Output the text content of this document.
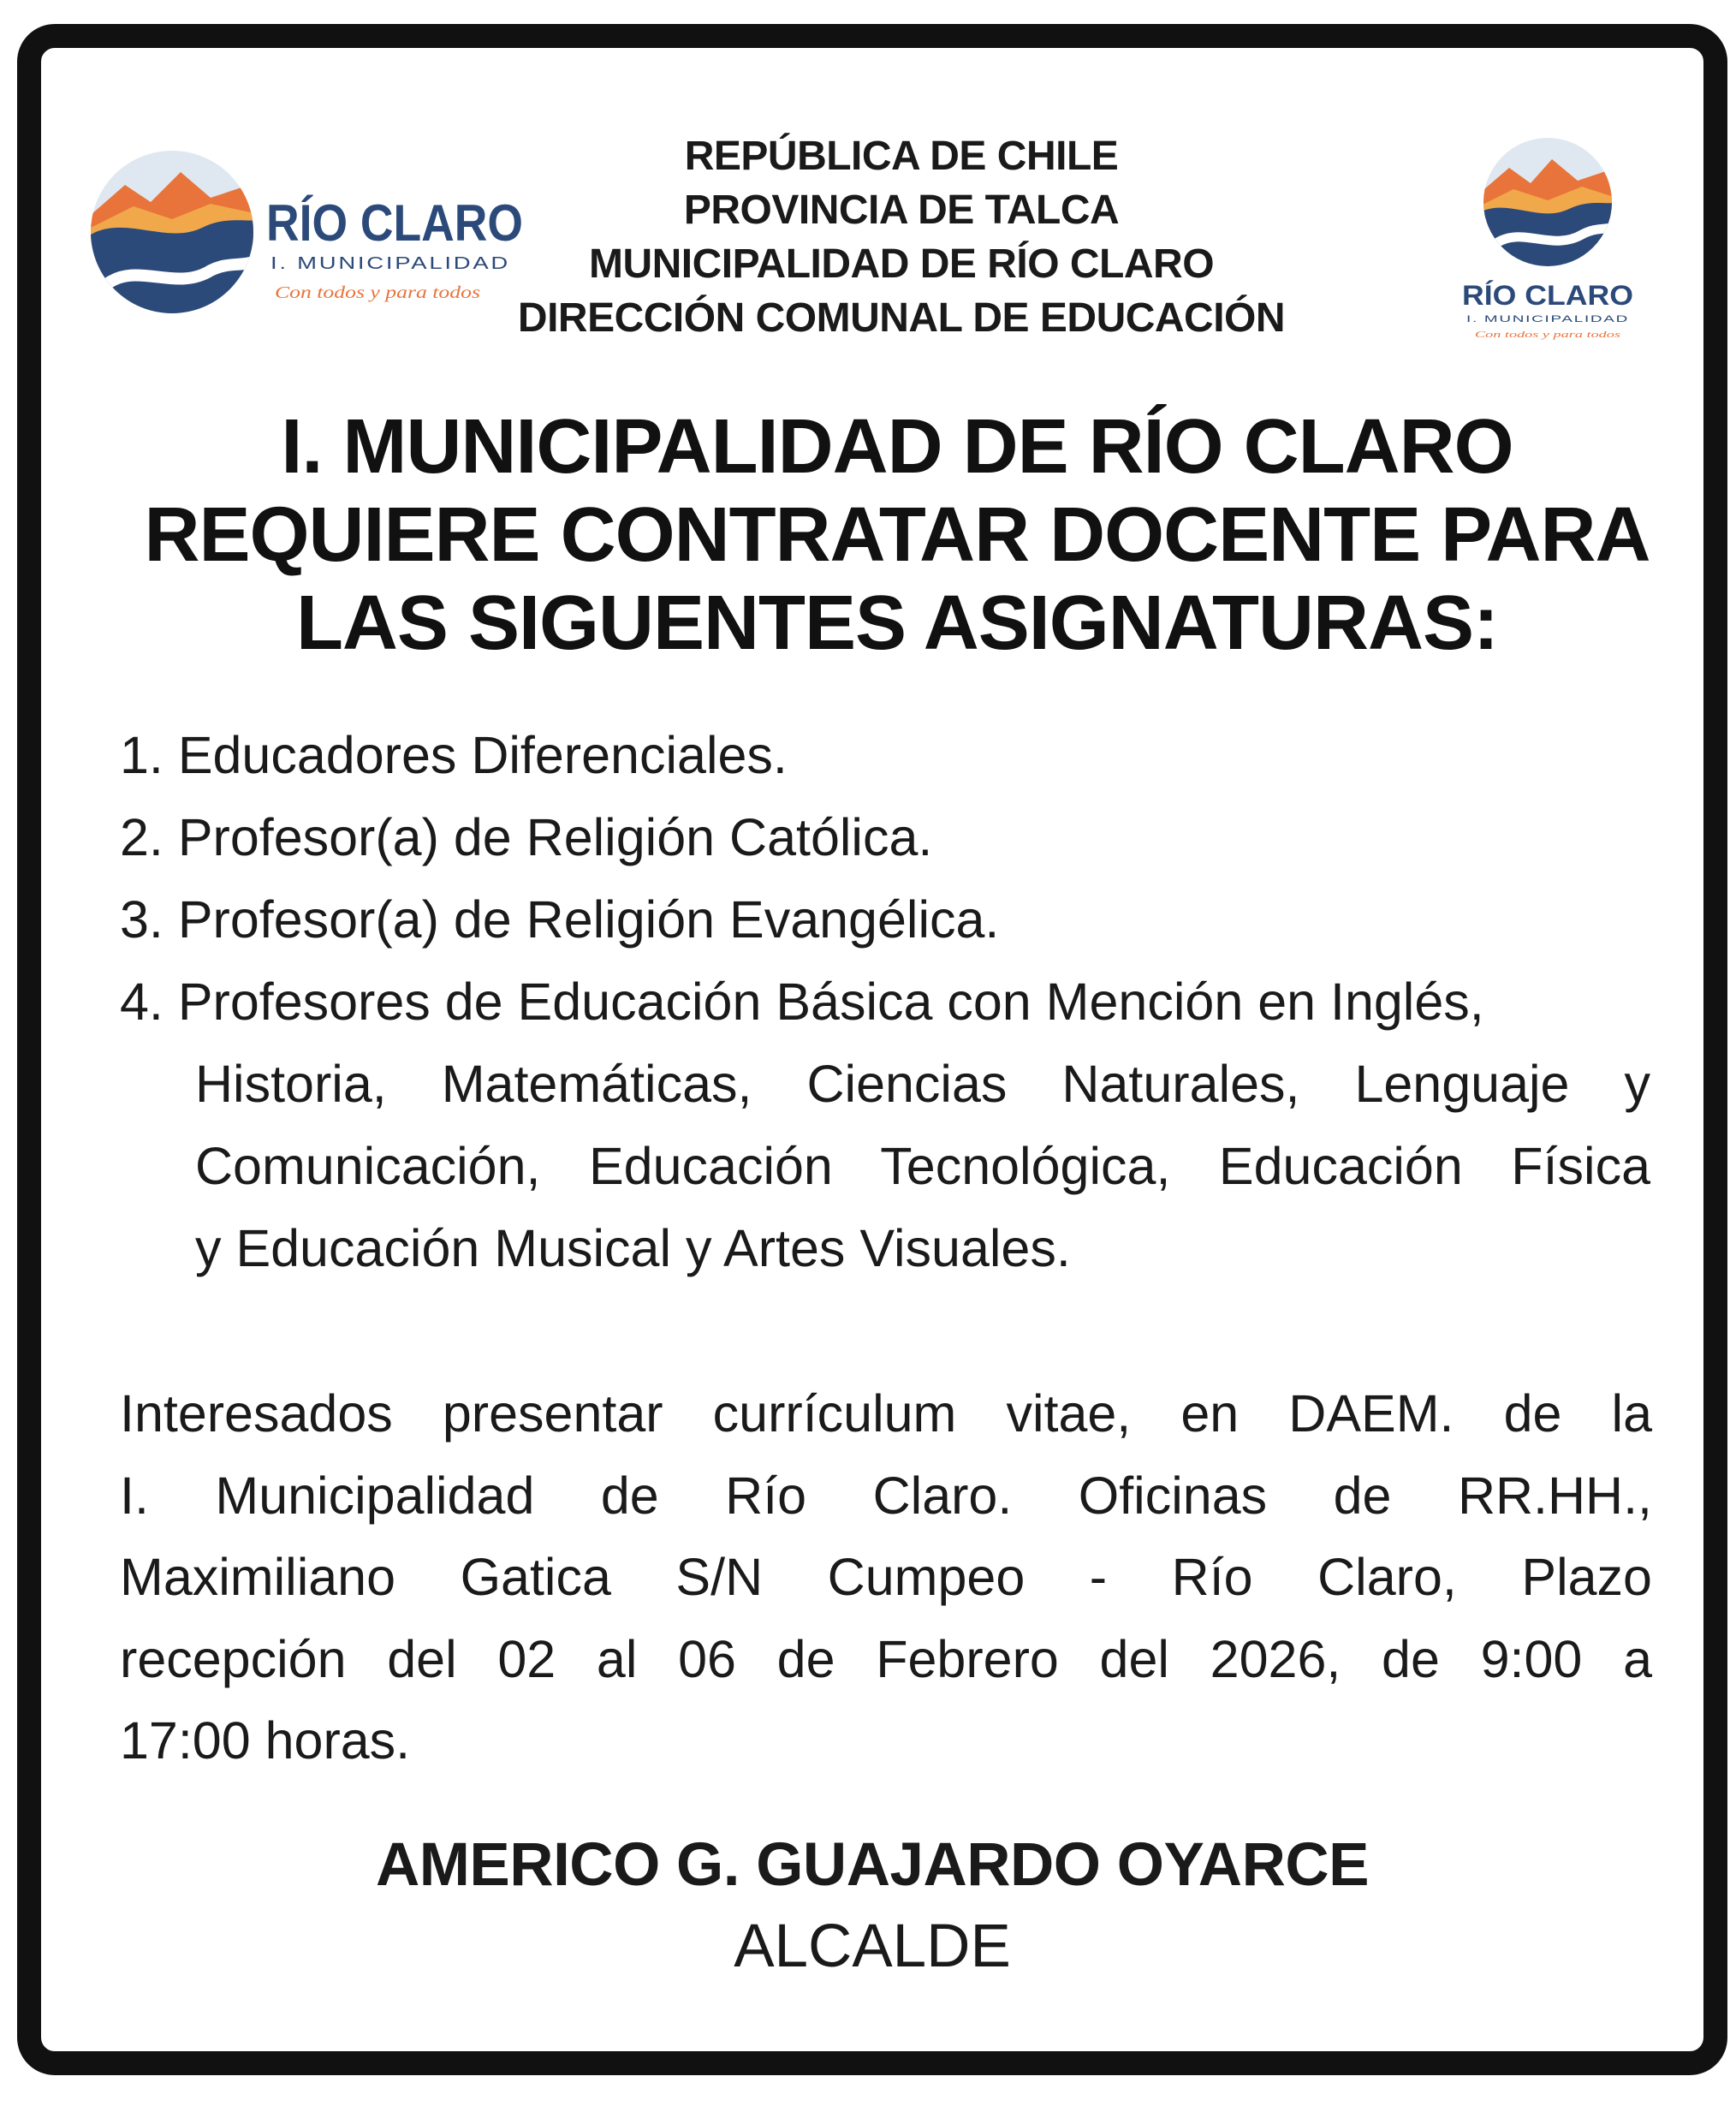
RÍO CLARO
I. MUNICIPALIDAD
Con todos y para todos
REPÚBLICA DE CHILE
PROVINCIA DE TALCA
MUNICIPALIDAD DE RÍO CLARO
DIRECCIÓN COMUNAL DE EDUCACIÓN	RÍO CLARO
I. MUNICIPALIDAD
Con todos y para todos
I. MUNICIPALIDAD DE RÍO CLARO
REQUIERE CONTRATAR DOCENTE PARA
LAS SIGUENTES ASIGNATURAS:
1. Educadores Diferenciales.
2. Profesor(a) de Religión Católica.
3. Profesor(a) de Religión Evangélica.
4. Profesores de Educación Básica con Mención en Inglés,
Historia, Matemáticas, Ciencias Naturales, Lenguaje y
Comunicación, Educación Tecnológica, Educación Física
y Educación Musical y Artes Visuales.
Interesados presentar currículum vitae, en DAEM. de la
I. Municipalidad de Río Claro. Oficinas de RR.HH.,
Maximiliano Gatica S/N Cumpeo - Río Claro, Plazo
recepción del 02 al 06 de Febrero del 2026, de 9:00 a
17:00 horas.
AMERICO G. GUAJARDO OYARCE
ALCALDE
